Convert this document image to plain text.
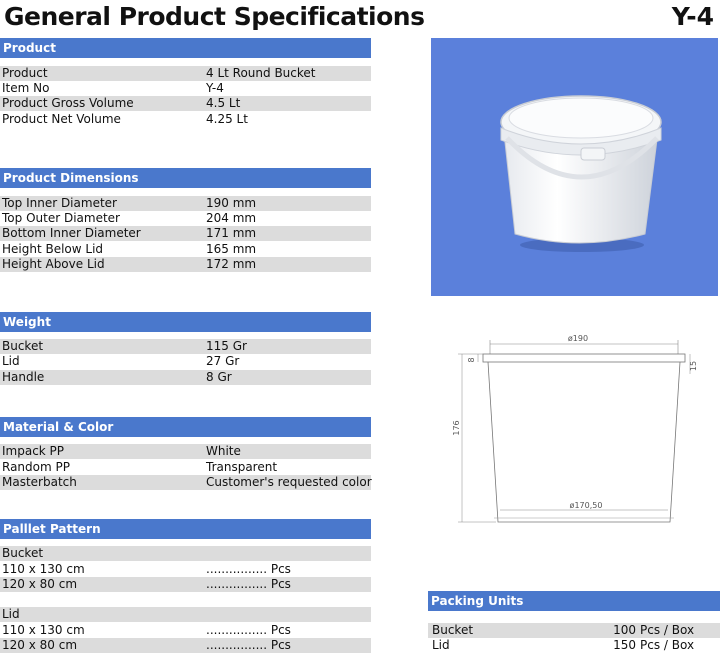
General Product Specifications	Y-4
Product
Product	4 Lt Round Bucket
Item No	Y-4
Product Gross Volume	4.5 Lt
Product Net Volume	4.25 Lt
Product Dimensions
Top Inner Diameter	190 mm
Top Outer Diameter	204 mm
Bottom Inner Diameter	171 mm
Height Below Lid	165 mm
Height Above Lid	172 mm
Weight
Bucket	115 Gr
Lid	27 Gr
Handle	8 Gr
Material & Color
Impack PP	White
Random PP	Transparent
Masterbatch	Customer's requested color
Palllet Pattern
Bucket
110 x 130 cm	................ Pcs
120 x 80 cm	................ Pcs
Lid
110 x 130 cm	................ Pcs
120 x 80 cm	................ Pcs
ø190
ø170,50
176
8
15
Packing Units
Bucket	100 Pcs / Box
Lid	150 Pcs / Box
